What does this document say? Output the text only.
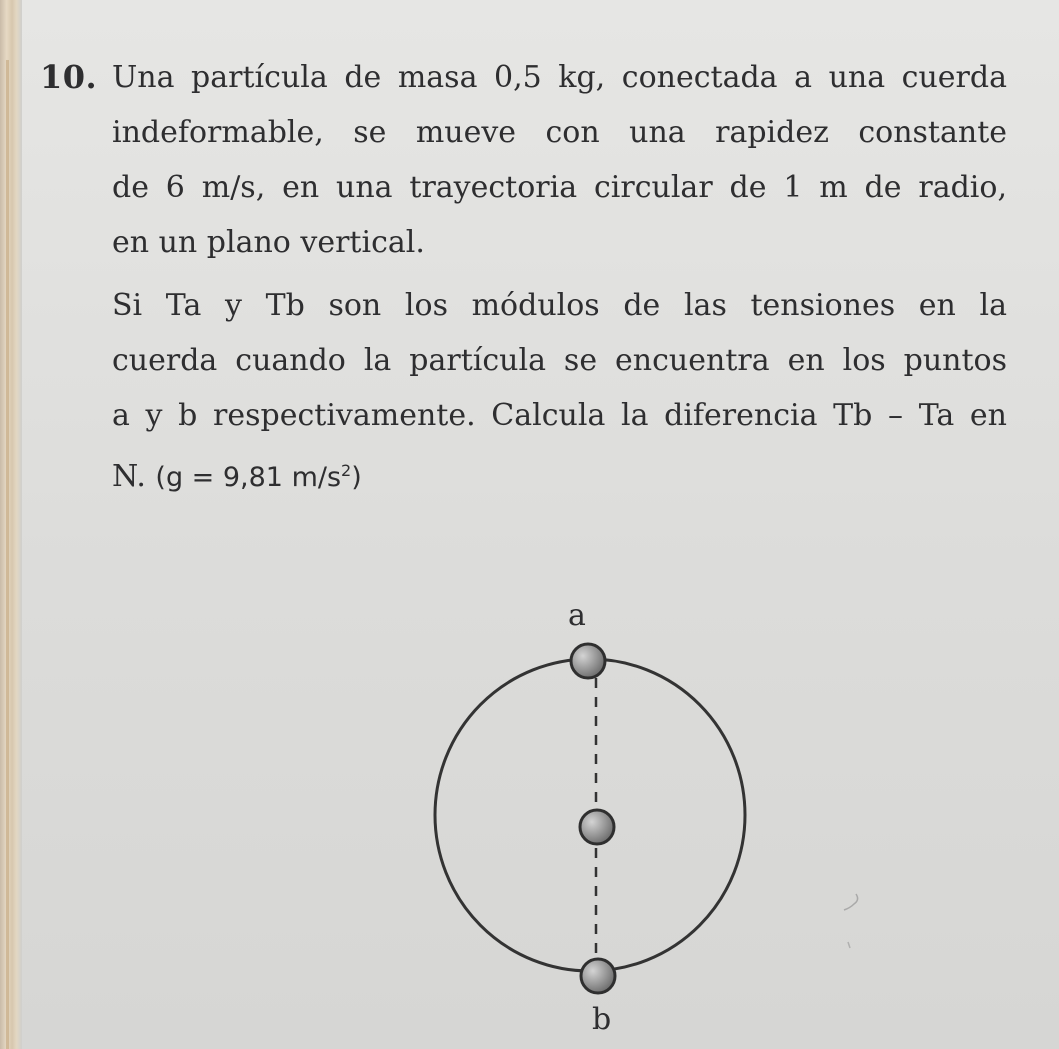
10. Una partícula de masa 0,5 kg, conectada a una cuerda
indeformable, se mueve con una rapidez constante
de 6 m/s, en una trayectoria circular de 1 m de radio,
en un plano vertical.
Si Ta y Tb son los módulos de las tensiones en la
cuerda cuando la partícula se encuentra en los puntos
a y b respectivamente. Calcula la diferencia Tb – Ta en
N. (g = 9,81 $m/s^2$)
a
b
